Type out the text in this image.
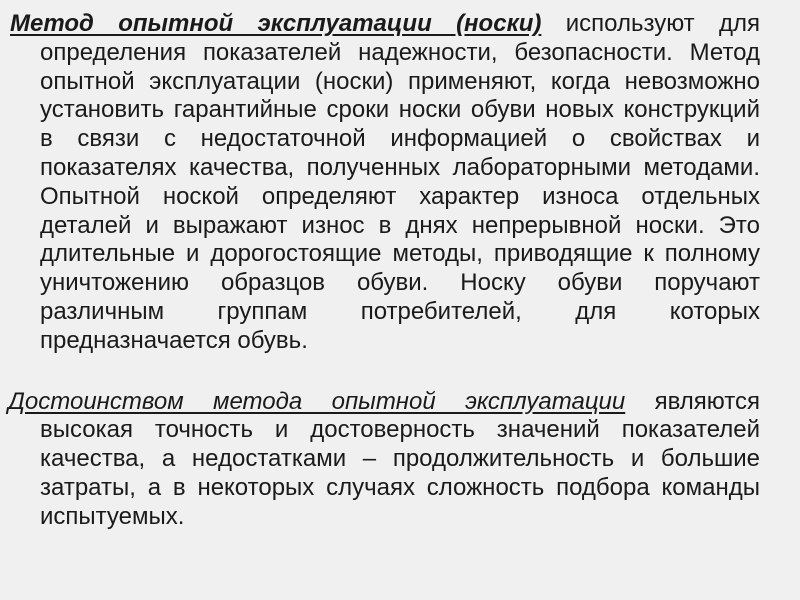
Метод опытной эксплуатации (носки) используют для определения показателей надежности, безопасности. Метод опытной эксплуатации (носки) применяют, когда невозможно установить гарантийные сроки носки обуви новых конструкций в связи с недостаточной информацией о свойствах и показателях качества, полученных лабораторными методами. Опытной ноской определяют характер износа отдельных деталей и выражают износ в днях непрерывной носки. Это длительные и дорогостоящие методы, приводящие к полному уничтожению образцов обуви. Носку обуви поручают различным группам потребителей, для которых предназначается обувь.

Достоинством метода опытной эксплуатации являются высокая точность и достоверность значений показателей качества, а недостатками – продолжительность и большие затраты, а в некоторых случаях сложность подбора команды испытуемых.
